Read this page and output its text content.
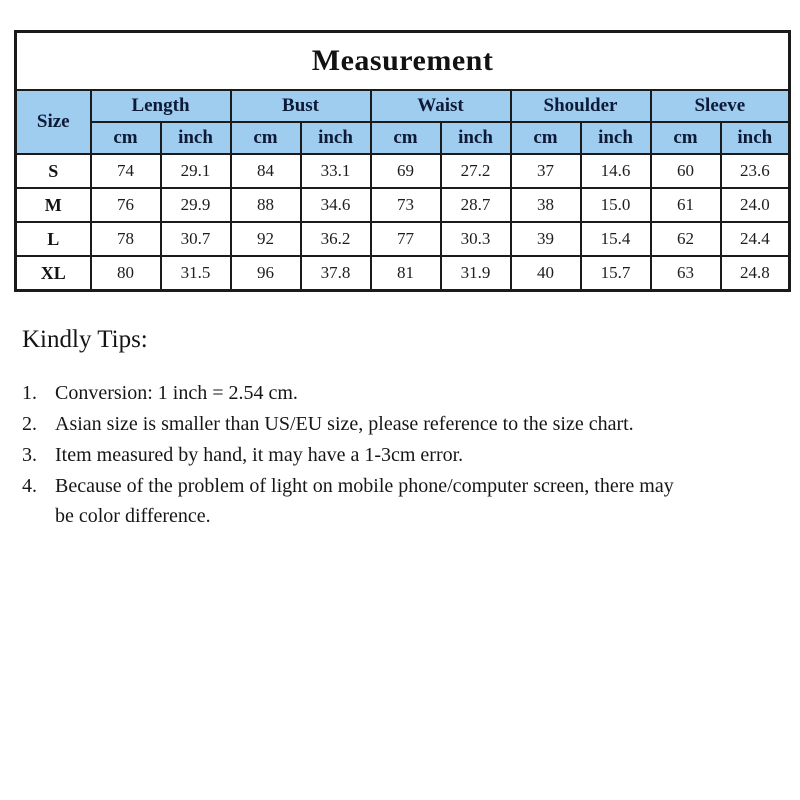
Measurement										
Size	Length		Bust		Waist		Shoulder		Sleeve	
	cm	inch	cm	inch	cm	inch	cm	inch	cm	inch
S	74	29.1	84	33.1	69	27.2	37	14.6	60	23.6
M	76	29.9	88	34.6	73	28.7	38	15.0	61	24.0
L	78	30.7	92	36.2	77	30.3	39	15.4	62	24.4
XL	80	31.5	96	37.8	81	31.9	40	15.7	63	24.8
Kindly Tips:
Conversion: 1 inch = 2.54 cm.
Asian size is smaller than US/EU size, please reference to the size chart.
Item measured by hand, it may have a 1-3cm error.
Because of the problem of light on mobile phone/computer screen, there may be color difference.
